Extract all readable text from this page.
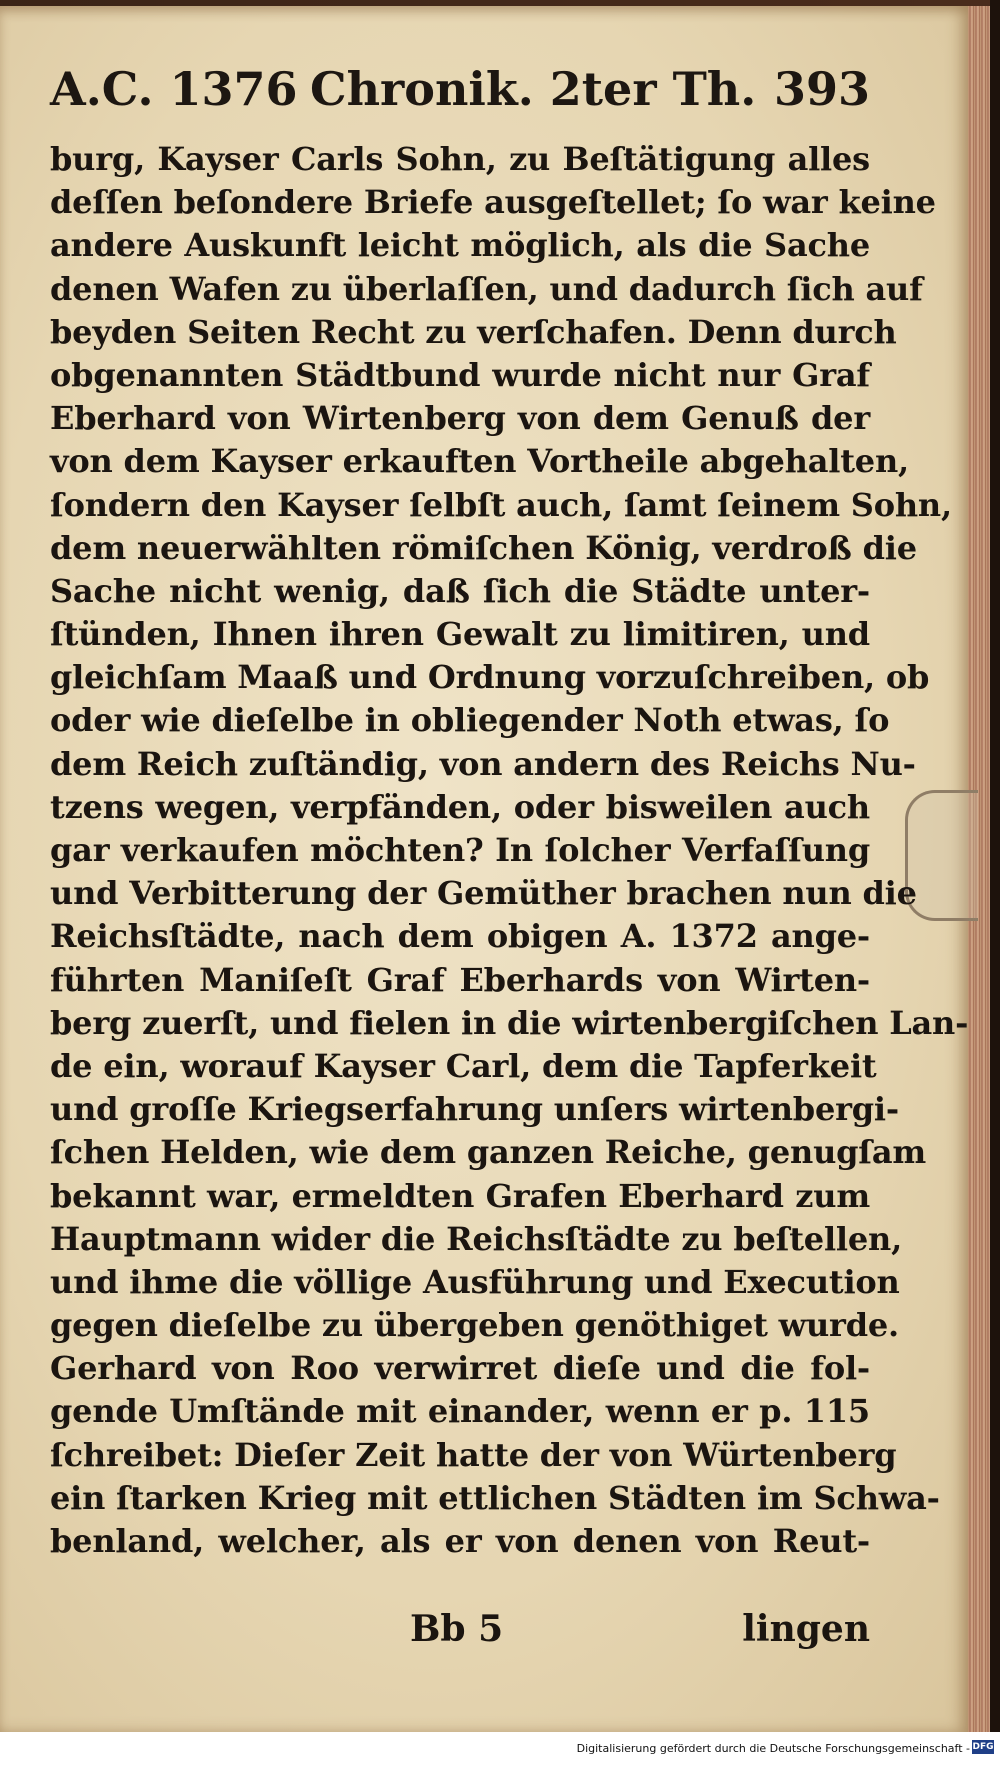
A.C. 1376 Chronik. 2ter Th. 393
burg, Kayser Carls Sohn, zu Beſtätigung alles
deſſen beſondere Briefe ausgeſtellet; ſo war keine
andere Auskunft leicht möglich, als die Sache
denen Wafen zu überlaſſen, und dadurch ſich auf
beyden Seiten Recht zu verſchafen. Denn durch
obgenannten Städtbund wurde nicht nur Graf
Eberhard von Wirtenberg von dem Genuß der
von dem Kayser erkauften Vortheile abgehalten,
ſondern den Kayser ſelbſt auch, ſamt ſeinem Sohn,
dem neuerwählten römiſchen König, verdroß die
Sache nicht wenig, daß ſich die Städte unter-
ſtünden, Ihnen ihren Gewalt zu limitiren, und
gleichſam Maaß und Ordnung vorzuſchreiben, ob
oder wie dieſelbe in obliegender Noth etwas, ſo
dem Reich zuſtändig, von andern des Reichs Nu-
tzens wegen, verpfänden, oder bisweilen auch
gar verkaufen möchten? In ſolcher Verfaſſung
und Verbitterung der Gemüther brachen nun die
Reichsſtädte, nach dem obigen A. 1372 ange-
führten Maniſeſt Graf Eberhards von Wirten-
berg zuerſt, und fielen in die wirtenbergiſchen Lan-
de ein, worauf Kayser Carl, dem die Tapferkeit
und groſſe Kriegserfahrung unſers wirtenbergi-
ſchen Helden, wie dem ganzen Reiche, genugſam
bekannt war, ermeldten Grafen Eberhard zum
Hauptmann wider die Reichsſtädte zu beſtellen,
und ihme die völlige Ausführung und Execution
gegen dieſelbe zu übergeben genöthiget wurde.
Gerhard von Roo verwirret dieſe und die fol-
gende Umſtände mit einander, wenn er p. 115
ſchreibet: Dieſer Zeit hatte der von Würtenberg
ein ſtarken Krieg mit ettlichen Städten im Schwa-
benland, welcher, als er von denen von Reut-
Bb 5	lingen
Digitalisierung gefördert durch die Deutsche Forschungsgemeinschaft - DFG
